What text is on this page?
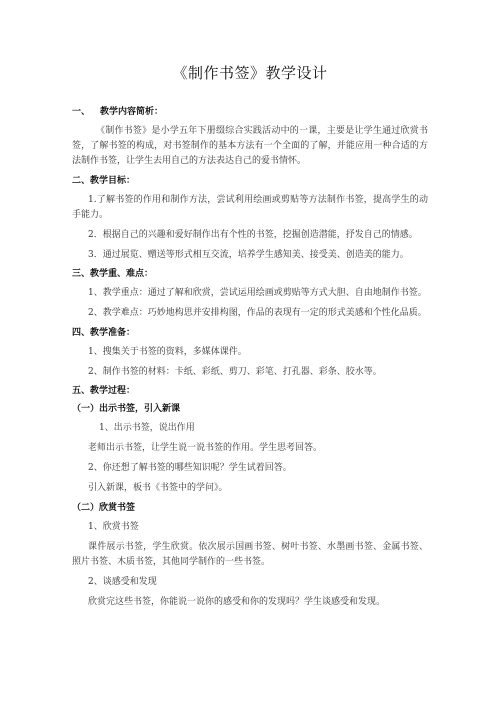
《制作书签》教学设计
一、 教学内容简析：

《制作书签》是小学五年下册缀综合实践活动中的一课，主要是让学生通过欣赏书签，了解书签的构成，对书签制作的基本方法有一个全面的了解，并能应用一种合适的方法制作书签，让学生去用自己的方法表达自己的爱书情怀。

二、教学目标：

1.了解书签的作用和制作方法，尝试利用绘画或剪贴等方法制作书签，提高学生的动手能力。

2．根据自己的兴趣和爱好制作出有个性的书签，挖掘创造潜能，抒发自己的情感。

3．通过展览、赠送等形式相互交流，培养学生感知美、接受美、创造美的能力。

三、教学重、难点：

1、教学重点：通过了解和欣赏，尝试运用绘画或剪贴等方式大胆、自由地制作书签。

2、教学难点：巧妙地构思并安排构图，作品的表现有一定的形式美感和个性化品质。

四、教学准备：

1、搜集关于书签的资料，多媒体课件。

2、制作书签的材料：卡纸、彩纸、剪刀、彩笔、打孔器、彩条、胶水等。

五、教学过程：
（一）出示书签，引入新课

1、出示书签，说出作用

老师出示书签，让学生说一说书签的作用。学生思考回答。

2、你还想了解书签的哪些知识呢？学生试着回答。

引入新课，板书《书签中的学问》。

（二）欣赏书签

1、欣赏书签

课件展示书签，学生欣赏。依次展示国画书签、树叶书签、水墨画书签、金属书签、照片书签、木质书签，其他同学制作的一些书签。

2、谈感受和发现

欣赏完这些书签，你能说一说你的感受和你的发现吗？学生谈感受和发现。
